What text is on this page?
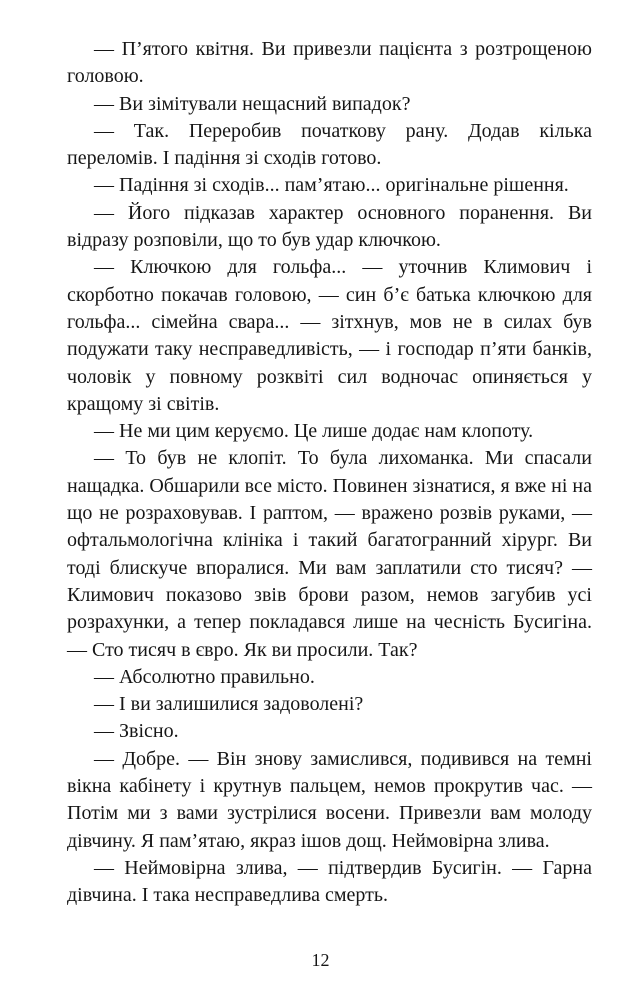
— П’ятого квітня. Ви привезли пацієнта з розтрощеною головою.

— Ви зімітували нещасний випадок?

— Так. Переробив початкову рану. Додав кілька переломів. І падіння зі сходів готово.

— Падіння зі сходів... пам’ятаю... оригінальне рішення.

— Його підказав характер основного поранення. Ви відразу розповіли, що то був удар ключкою.

— Ключкою для гольфа... — уточнив Климович і скорботно покачав головою, — син б’є батька ключкою для гольфа... сімейна свара... — зітхнув, мов не в силах був подужати таку несправедливість, — і господар п’яти банків, чоловік у повному розквіті сил водночас опиняється у кращому зі світів.

— Не ми цим керуємо. Це лише додає нам клопоту.

— То був не клопіт. То була лихоманка. Ми спасали нащадка. Обшарили все місто. Повинен зізнатися, я вже ні на що не розраховував. І раптом, — вражено розвів руками, — офтальмологічна клініка і такий багатогранний хірург. Ви тоді блискуче впоралися. Ми вам заплатили сто тисяч? — Климович показово звів брови разом, немов загубив усі розрахунки, а тепер покладався лише на чесність Бусигіна. — Сто тисяч в євро. Як ви просили. Так?

— Абсолютно правильно.

— І ви залишилися задоволені?

— Звісно.

— Добре. — Він знову замислився, подивився на темні вікна кабінету і крутнув пальцем, немов прокрутив час. — Потім ми з вами зустрілися восени. Привезли вам молоду дівчину. Я пам’ятаю, якраз ішов дощ. Неймовірна злива.

— Неймовірна злива, — підтвердив Бусигін. — Гарна дівчина. І така несправедлива смерть.

12
